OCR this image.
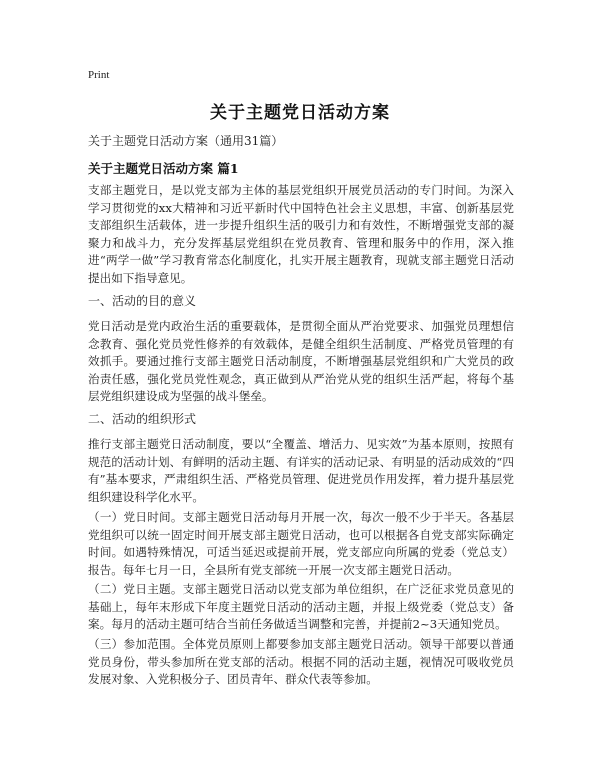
Print
关于主题党日活动方案
关于主题党日活动方案（通用31篇）
关于主题党日活动方案 篇1
支部主题党日，是以党支部为主体的基层党组织开展党员活动的专门时间。为深入学习贯彻党的xx大精神和习近平新时代中国特色社会主义思想，丰富、创新基层党支部组织生活载体，进一步提升组织生活的吸引力和有效性，不断增强党支部的凝聚力和战斗力，充分发挥基层党组织在党员教育、管理和服务中的作用，深入推进“两学一做”学习教育常态化制度化，扎实开展主题教育，现就支部主题党日活动提出如下指导意见。
一、活动的目的意义
党日活动是党内政治生活的重要载体，是贯彻全面从严治党要求、加强党员理想信念教育、强化党员党性修养的有效载体，是健全组织生活制度、严格党员管理的有效抓手。要通过推行支部主题党日活动制度，不断增强基层党组织和广大党员的政治责任感，强化党员党性观念，真正做到从严治党从党的组织生活严起，将每个基层党组织建设成为坚强的战斗堡垒。
二、活动的组织形式
推行支部主题党日活动制度，要以“全覆盖、增活力、见实效”为基本原则，按照有规范的活动计划、有鲜明的活动主题、有详实的活动记录、有明显的活动成效的“四有”基本要求，严肃组织生活、严格党员管理、促进党员作用发挥，着力提升基层党组织建设科学化水平。
（一）党日时间。支部主题党日活动每月开展一次，每次一般不少于半天。各基层党组织可以统一固定时间开展支部主题党日活动，也可以根据各自党支部实际确定时间。如遇特殊情况，可适当延迟或提前开展，党支部应向所属的党委（党总支）报告。每年七月一日，全县所有党支部统一开展一次支部主题党日活动。
（二）党日主题。支部主题党日活动以党支部为单位组织，在广泛征求党员意见的基础上，每年末形成下年度主题党日活动的活动主题，并报上级党委（党总支）备案。每月的活动主题可结合当前任务做适当调整和完善，并提前2~3天通知党员。
（三）参加范围。全体党员原则上都要参加支部主题党日活动。领导干部要以普通党员身份，带头参加所在党支部的活动。根据不同的活动主题，视情况可吸收党员发展对象、入党积极分子、团员青年、群众代表等参加。
